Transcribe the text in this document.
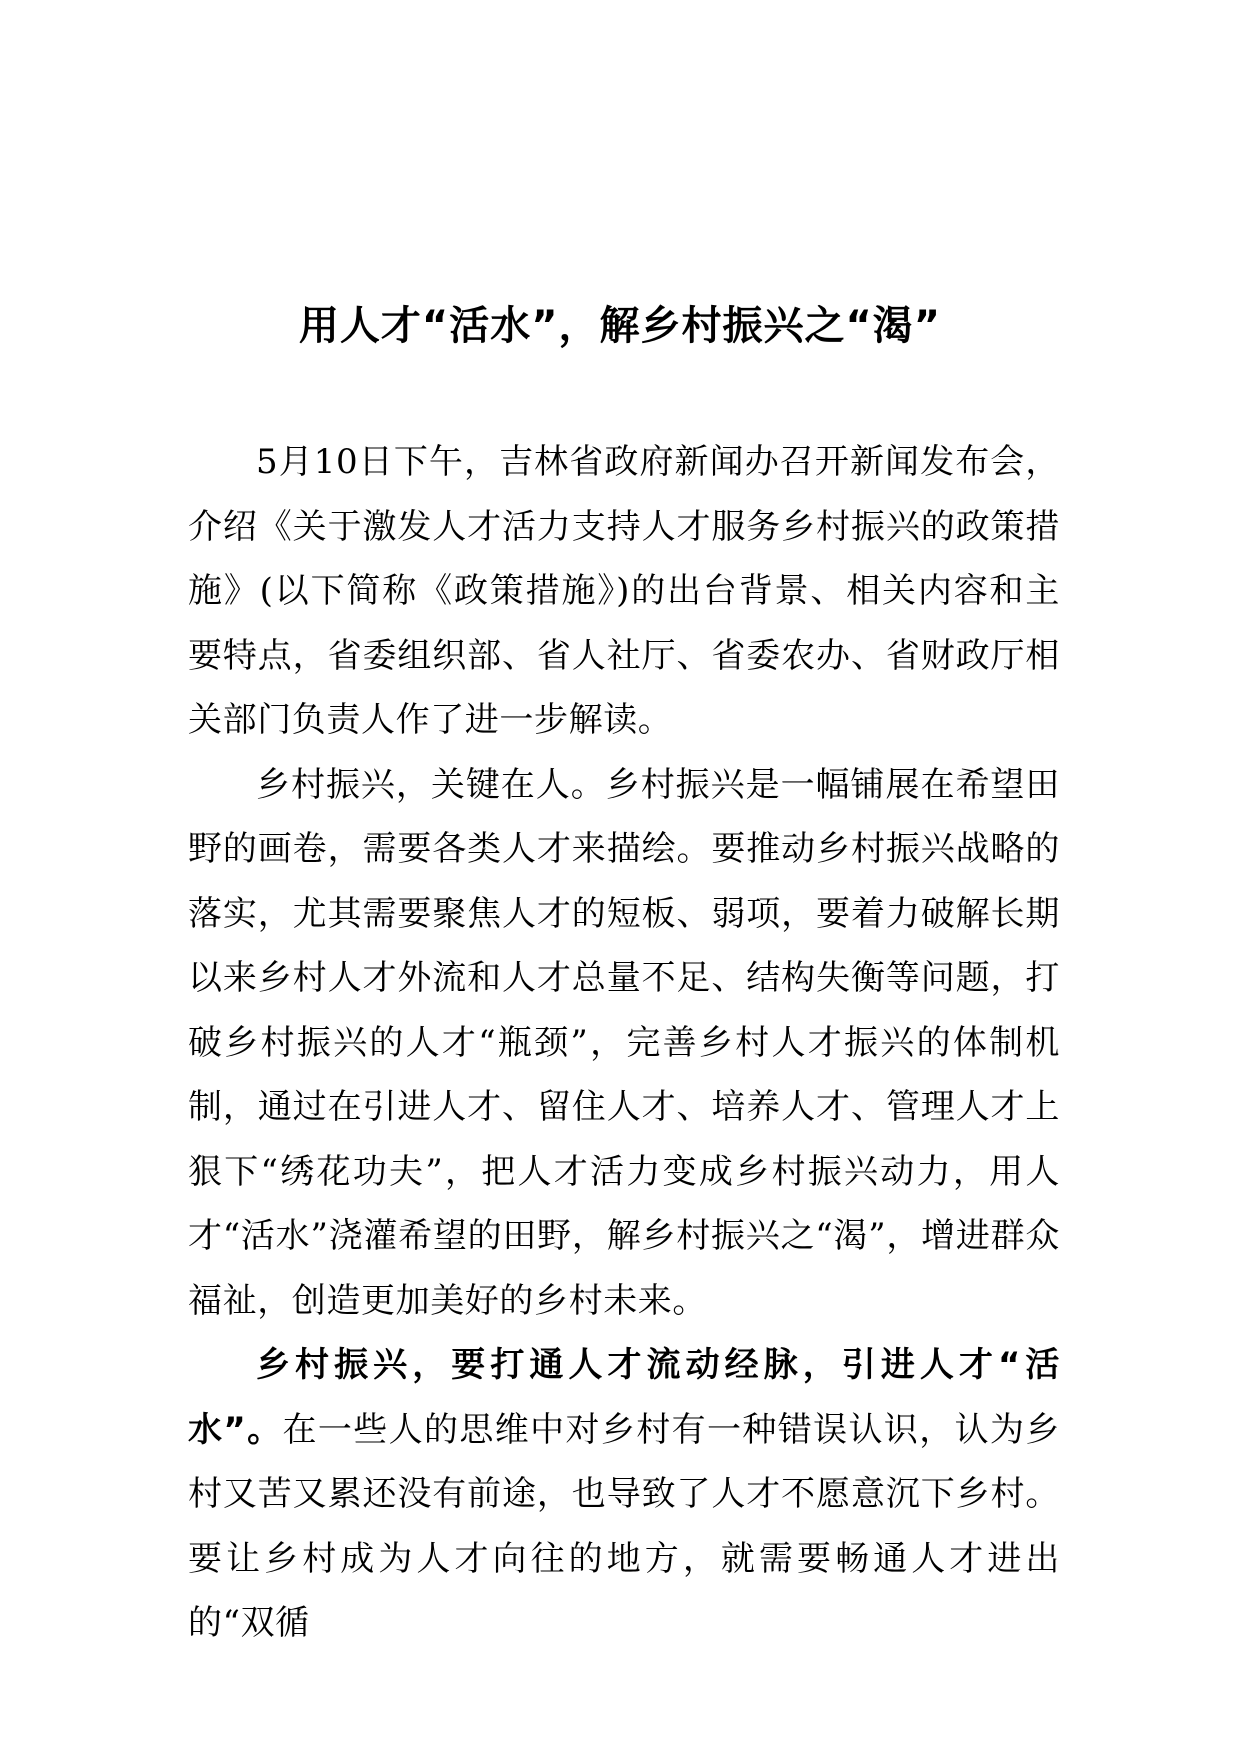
用人才“活水”，解乡村振兴之“渴”

5月10日下午，吉林省政府新闻办召开新闻发布会，介绍《关于激发人才活力支持人才服务乡村振兴的政策措施》(以下简称《政策措施》)的出台背景、相关内容和主要特点，省委组织部、省人社厅、省委农办、省财政厅相关部门负责人作了进一步解读。

乡村振兴，关键在人。乡村振兴是一幅铺展在希望田野的画卷，需要各类人才来描绘。要推动乡村振兴战略的落实，尤其需要聚焦人才的短板、弱项，要着力破解长期以来乡村人才外流和人才总量不足、结构失衡等问题，打破乡村振兴的人才“瓶颈”，完善乡村人才振兴的体制机制，通过在引进人才、留住人才、培养人才、管理人才上狠下“绣花功夫”，把人才活力变成乡村振兴动力，用人才“活水”浇灌希望的田野，解乡村振兴之“渴”，增进群众福祉，创造更加美好的乡村未来。

乡村振兴，要打通人才流动经脉，引进人才“活水”。在一些人的思维中对乡村有一种错误认识，认为乡村又苦又累还没有前途，也导致了人才不愿意沉下乡村。要让乡村成为人才向往的地方，就需要畅通人才进出的“双循
